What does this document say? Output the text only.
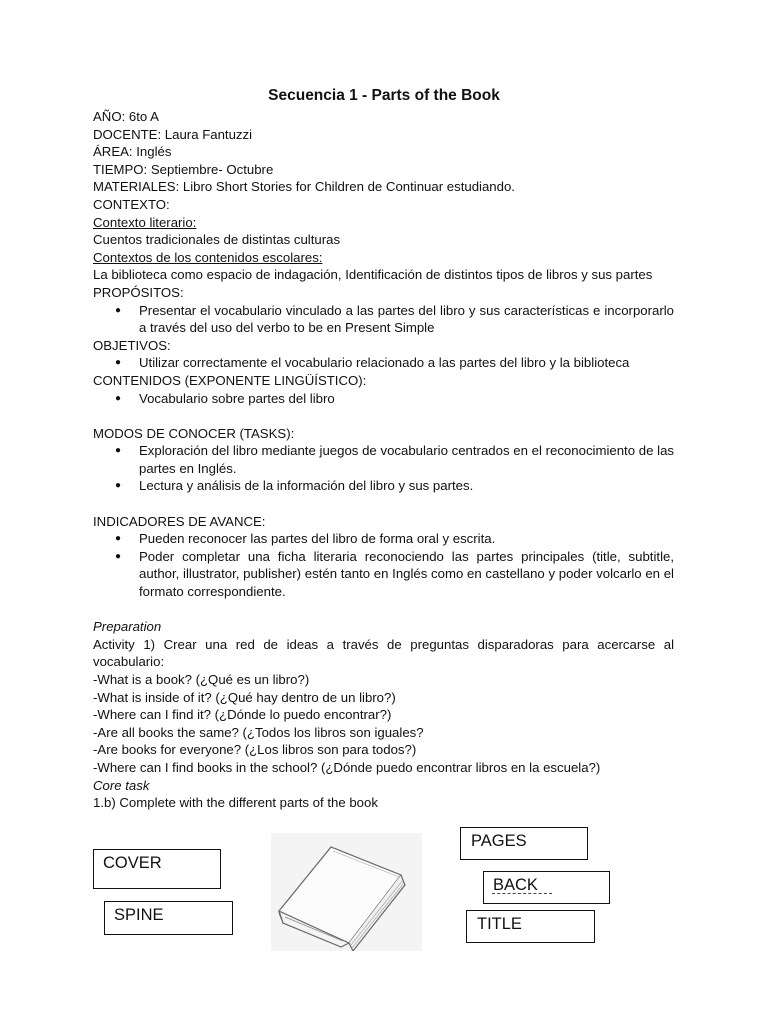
Secuencia 1 - Parts of the Book

AÑO: 6to A

DOCENTE: Laura Fantuzzi

ÁREA: Inglés

TIEMPO: Septiembre- Octubre

MATERIALES: Libro Short Stories for Children de Continuar estudiando.

CONTEXTO:

Contexto literario:

Cuentos tradicionales de distintas culturas

Contextos de los contenidos escolares:

La biblioteca como espacio de indagación, Identificación de distintos tipos de libros y sus partes

PROPÓSITOS:

● Presentar el vocabulario vinculado a las partes del libro y sus características e incorporarlo a través del uso del verbo to be en Present Simple

OBJETIVOS:

● Utilizar correctamente el vocabulario relacionado a las partes del libro y la biblioteca

CONTENIDOS (EXPONENTE LINGÜÍSTICO):

● Vocabulario sobre partes del libro

MODOS DE CONOCER (TASKS):

● Exploración del libro mediante juegos de vocabulario centrados en el reconocimiento de las partes en Inglés.
● Lectura y análisis de la información del libro y sus partes.

INDICADORES DE AVANCE:

● Pueden reconocer las partes del libro de forma oral y escrita.
● Poder completar una ficha literaria reconociendo las partes principales (title, subtitle, author, illustrator, publisher) estén tanto en Inglés como en castellano y poder volcarlo en el formato correspondiente.

Preparation

Activity 1) Crear una red de ideas a través de preguntas disparadoras para acercarse al vocabulario:

-What is a book? (¿Qué es un libro?)

-What is inside of it? (¿Qué hay dentro de un libro?)

-Where can I find it? (¿Dónde lo puedo encontrar?)

-Are all books the same? (¿Todos los libros son iguales?

-Are books for everyone? (¿Los libros son para todos?)

-Where can I find books in the school? (¿Dónde puedo encontrar libros en la escuela?)

Core task

1.b) Complete with the different parts of the book

COVER
SPINE
PAGES
BACK
TITLE
